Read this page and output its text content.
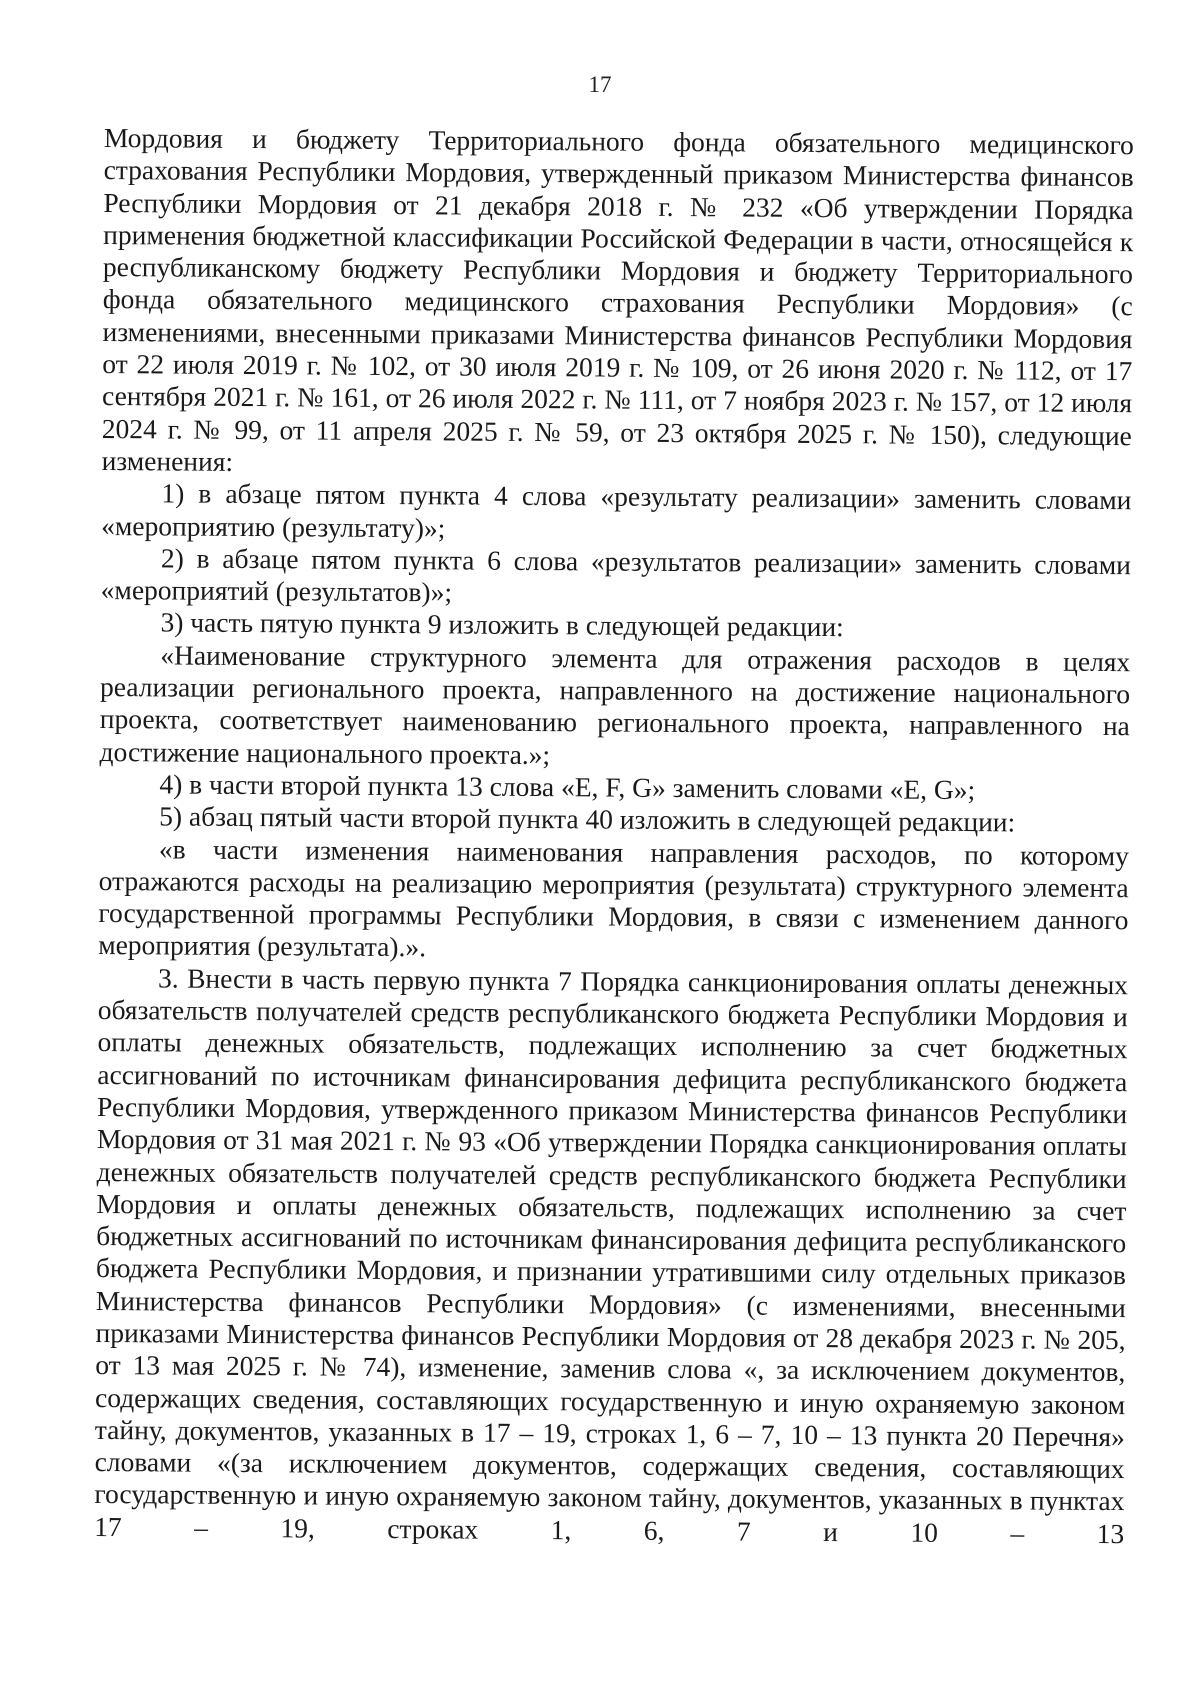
17

Мордовия и бюджету Территориального фонда обязательного медицинского страхования Республики Мордовия, утвержденный приказом Министерства финансов Республики Мордовия от 21 декабря 2018 г. № 232 «Об утверждении Порядка применения бюджетной классификации Российской Федерации в части, относящейся к республиканскому бюджету Республики Мордовия и бюджету Территориального фонда обязательного медицинского страхования Республики Мордовия» (с изменениями, внесенными приказами Министерства финансов Республики Мордовия от 22 июля 2019 г. № 102, от 30 июля 2019 г. № 109, от 26 июня 2020 г. № 112, от 17 сентября 2021 г. № 161, от 26 июля 2022 г. № 111, от 7 ноября 2023 г. № 157, от 12 июля 2024 г. № 99, от 11 апреля 2025 г. № 59, от 23 октября 2025 г. № 150), следующие изменения:

1) в абзаце пятом пункта 4 слова «результату реализации» заменить словами «мероприятию (результату)»;

2) в абзаце пятом пункта 6 слова «результатов реализации» заменить словами «мероприятий (результатов)»;

3) часть пятую пункта 9 изложить в следующей редакции:

«Наименование структурного элемента для отражения расходов в целях реализации регионального проекта, направленного на достижение национального проекта, соответствует наименованию регионального проекта, направленного на достижение национального проекта.»;

4) в части второй пункта 13 слова «E, F, G» заменить словами «E, G»;

5) абзац пятый части второй пункта 40 изложить в следующей редакции:

«в части изменения наименования направления расходов, по которому отражаются расходы на реализацию мероприятия (результата) структурного элемента государственной программы Республики Мордовия, в связи с изменением данного мероприятия (результата).».

3. Внести в часть первую пункта 7 Порядка санкционирования оплаты денежных обязательств получателей средств республиканского бюджета Республики Мордовия и оплаты денежных обязательств, подлежащих исполнению за счет бюджетных ассигнований по источникам финансирования дефицита республиканского бюджета Республики Мордовия, утвержденного приказом Министерства финансов Республики Мордовия от 31 мая 2021 г. № 93 «Об утверждении Порядка санкционирования оплаты денежных обязательств получателей средств республиканского бюджета Республики Мордовия и оплаты денежных обязательств, подлежащих исполнению за счет бюджетных ассигнований по источникам финансирования дефицита республиканского бюджета Республики Мордовия, и признании утратившими силу отдельных приказов Министерства финансов Республики Мордовия» (с изменениями, внесенными приказами Министерства финансов Республики Мордовия от 28 декабря 2023 г. № 205, от 13 мая 2025 г. № 74), изменение, заменив слова «, за исключением документов, содержащих сведения, составляющих государственную и иную охраняемую законом тайну, документов, указанных в 17 – 19, строках 1, 6 – 7, 10 – 13 пункта 20 Перечня» словами «(за исключением документов, содержащих сведения, составляющих государственную и иную охраняемую законом тайну, документов, указанных в пунктах 17 – 19, строках 1, 6, 7 и 10 – 13
